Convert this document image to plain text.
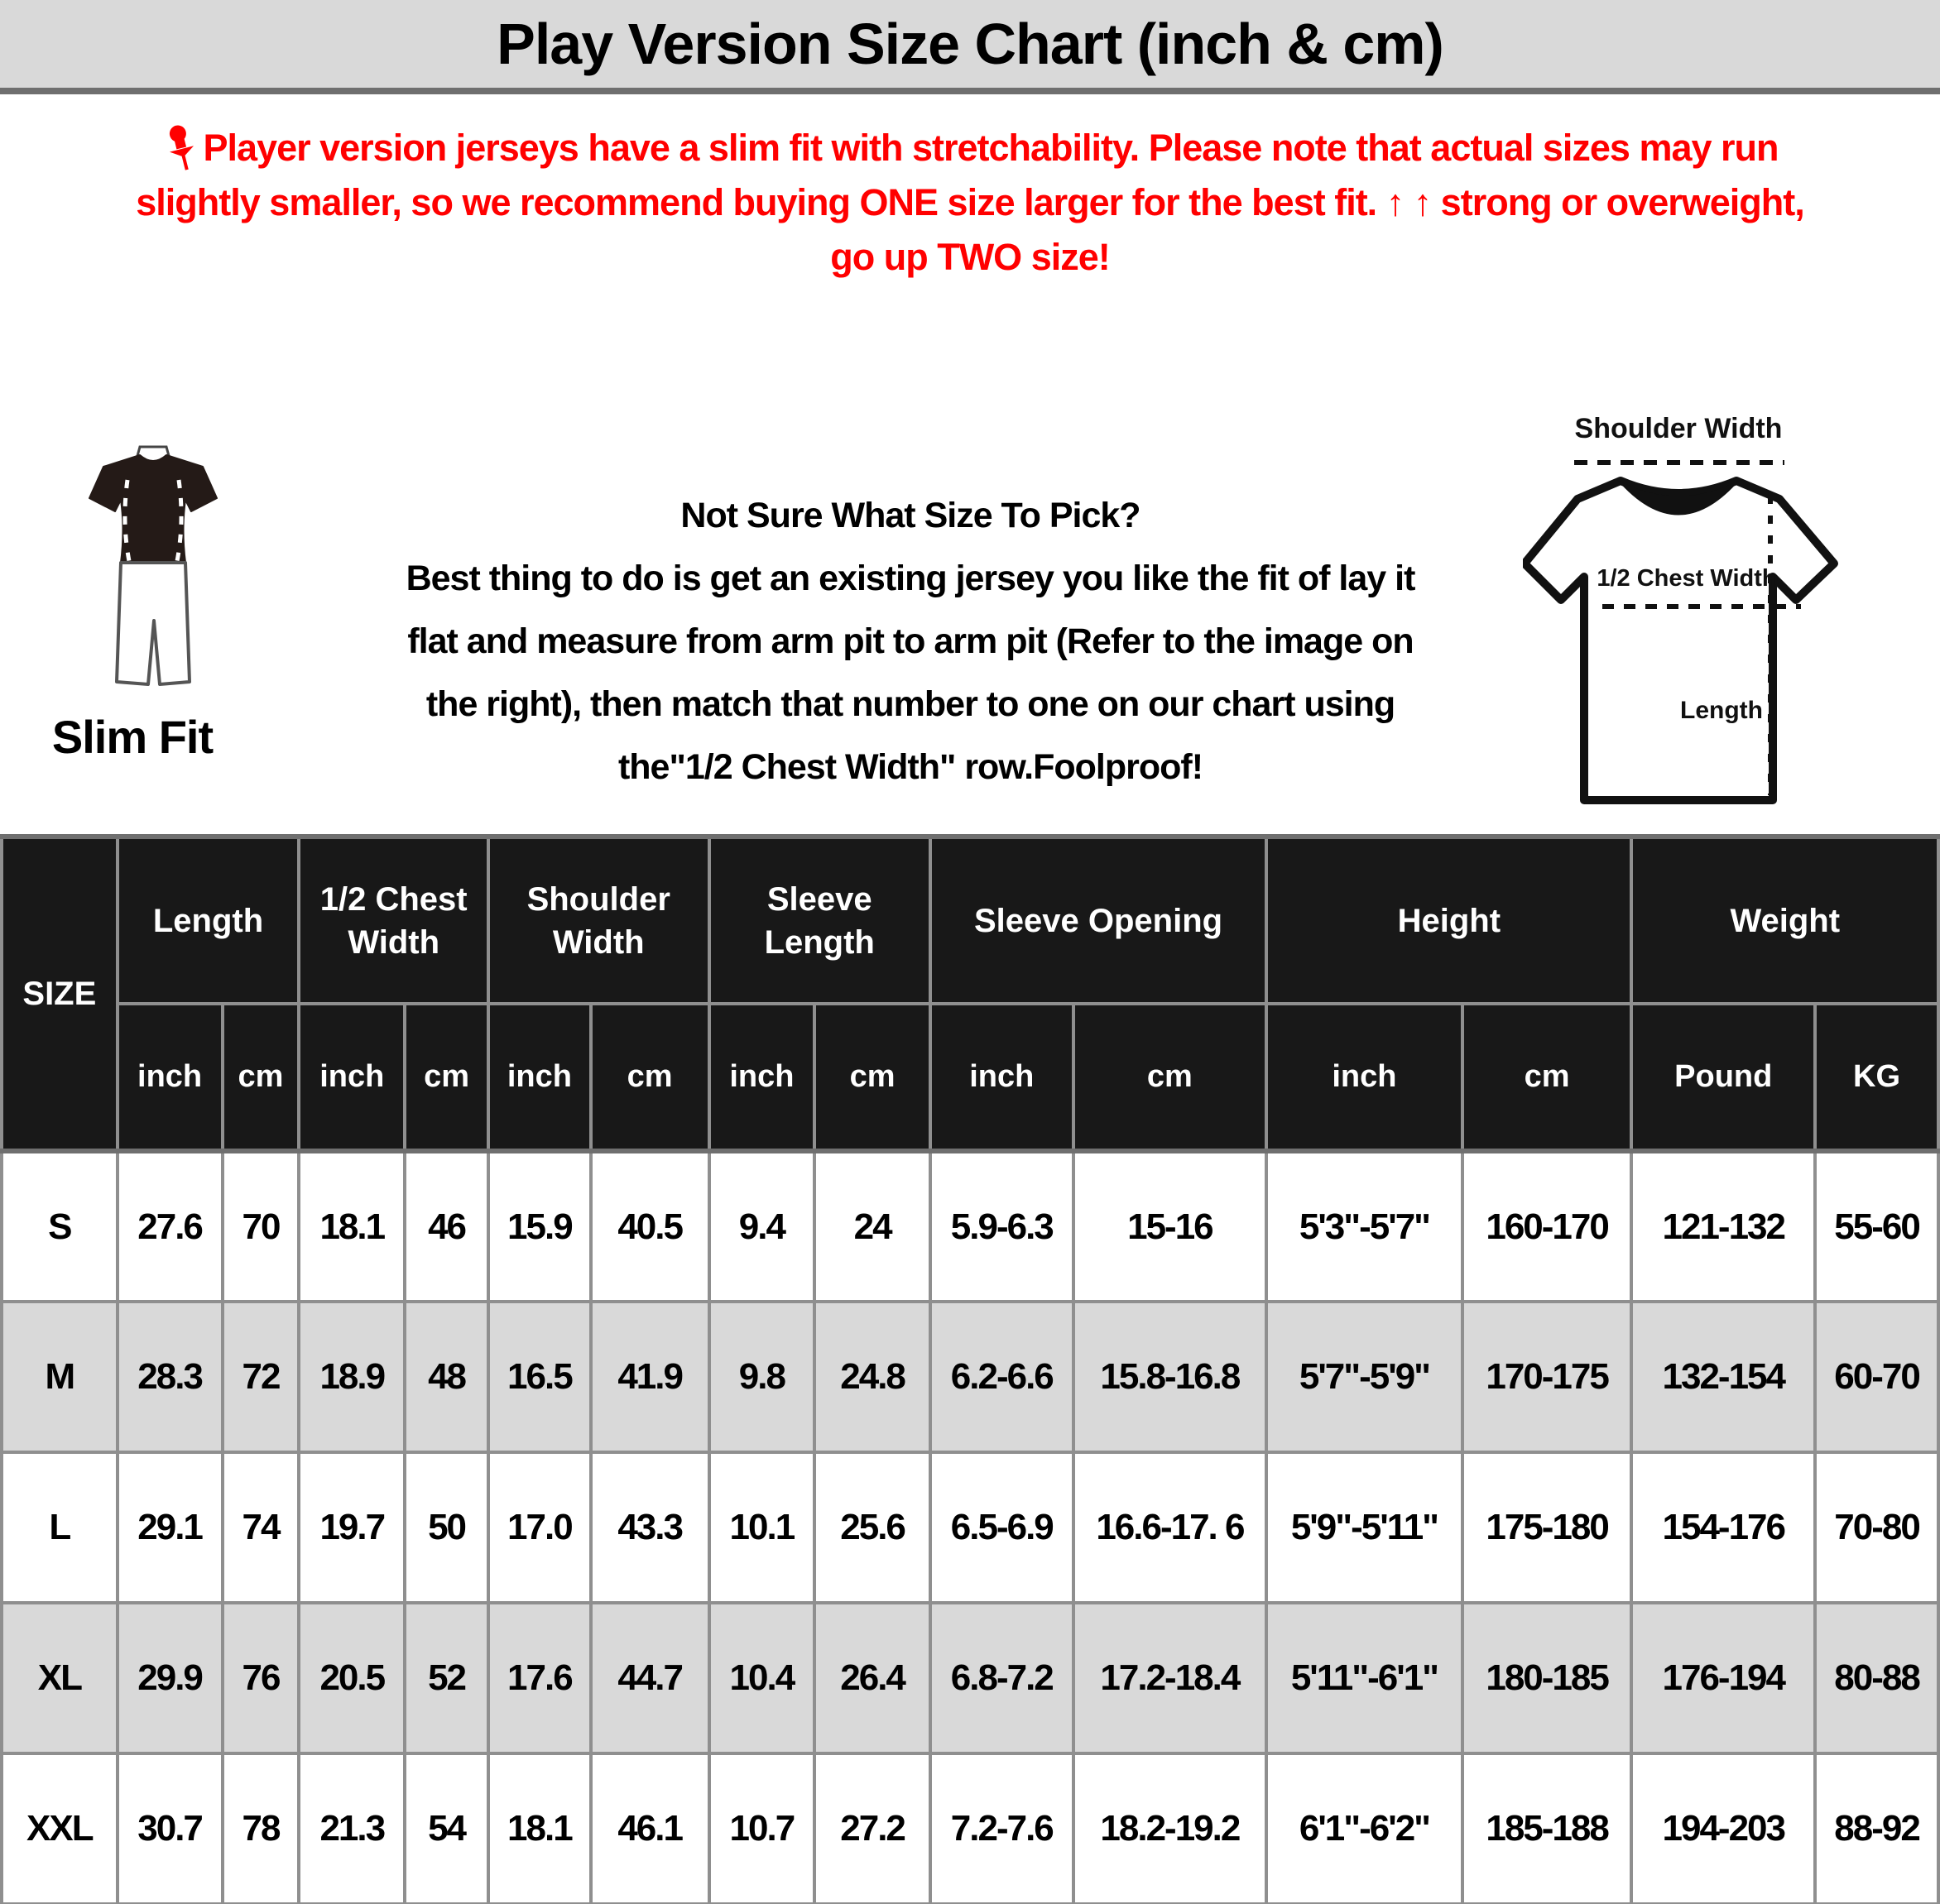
Play Version Size Chart (inch & cm)
Player version jerseys have a slim fit with stretchability. Please note that actual sizes may run
slightly smaller, so we recommend buying ONE size larger for the best fit. ↑ ↑ strong or overweight,
go up TWO size!
Slim Fit
Not Sure What Size To Pick?
Best thing to do is get an existing jersey you like the fit of lay it
flat and measure from arm pit to arm pit (Refer to the image on
the right), then match that number to one on our chart using
the"1/2 Chest Width" row.Foolproof!
Shoulder Width
1/2 Chest Width
Length
SIZE	Length		1/2 Chest Width		Shoulder Width		Sleeve Length		Sleeve Opening		Height		Weight	
	inch	cm	inch	cm	inch	cm	inch	cm	inch	cm	inch	cm	Pound	KG
S	27.6	70	18.1	46	15.9	40.5	9.4	24	5.9-6.3	15-16	5'3"-5'7"	160-170	121-132	55-60
M	28.3	72	18.9	48	16.5	41.9	9.8	24.8	6.2-6.6	15.8-16.8	5'7"-5'9"	170-175	132-154	60-70
L	29.1	74	19.7	50	17.0	43.3	10.1	25.6	6.5-6.9	16.6-17. 6	5'9"-5'11"	175-180	154-176	70-80
XL	29.9	76	20.5	52	17.6	44.7	10.4	26.4	6.8-7.2	17.2-18.4	5'11"-6'1"	180-185	176-194	80-88
XXL	30.7	78	21.3	54	18.1	46.1	10.7	27.2	7.2-7.6	18.2-19.2	6'1"-6'2"	185-188	194-203	88-92
